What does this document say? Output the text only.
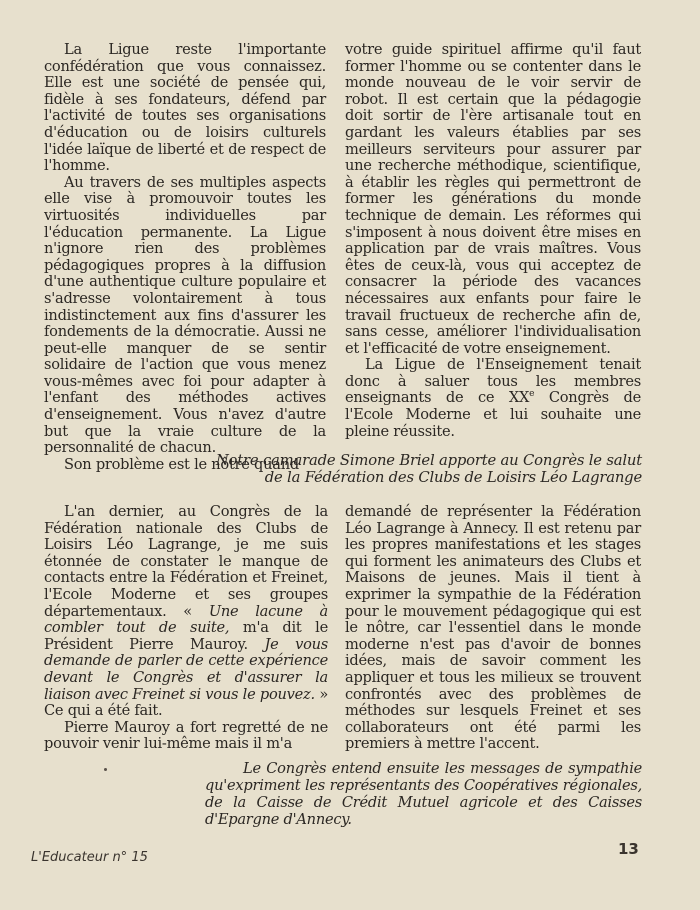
La Ligue reste l'importante confédération que vous connaissez. Elle est une société de pensée qui, fidèle à ses fondateurs, défend par l'activité de toutes ses organisations d'éducation ou de loisirs culturels l'idée laïque de liberté et de respect de l'homme.

Au travers de ses multiples aspects elle vise à promouvoir toutes les virtuosités individuelles par l'éducation permanente. La Ligue n'ignore rien des problèmes pédagogiques propres à la diffusion d'une authentique culture populaire et s'adresse volontairement à tous indistinctement aux fins d'assurer les fondements de la démocratie. Aussi ne peut-elle manquer de se sentir solidaire de l'action que vous menez vous-mêmes avec foi pour adapter à l'enfant des méthodes actives d'enseignement. Vous n'avez d'autre but que la vraie culture de la personnalité de chacun.

Son problème est le nôtre quand

votre guide spirituel affirme qu'il faut former l'homme ou se contenter dans le monde nouveau de le voir servir de robot. Il est certain que la pédagogie doit sortir de l'ère artisanale tout en gardant les valeurs établies par ses meilleurs serviteurs pour assurer par une recherche méthodique, scientifique, à établir les règles qui permettront de former les générations du monde technique de demain. Les réformes qui s'imposent à nous doivent être mises en application par de vrais maîtres. Vous êtes de ceux-là, vous qui acceptez de consacrer la période des vacances nécessaires aux enfants pour faire le travail fructueux de recherche afin de, sans cesse, améliorer l'individualisation et l'efficacité de votre enseignement.

La Ligue de l'Enseignement tenait donc à saluer tous les membres enseignants de ce XXe Congrès de l'Ecole Moderne et lui souhaite une pleine réussite.

Notre camarade Simone Briel apporte au Congrès le salut
de la Fédération des Clubs de Loisirs Léo Lagrange

L'an dernier, au Congrès de la Fédération nationale des Clubs de Loisirs Léo Lagrange, je me suis étonnée de constater le manque de contacts entre la Fédération et Freinet, l'Ecole Moderne et ses groupes départementaux. « Une lacune à combler tout de suite, m'a dit le Président Pierre Mauroy. Je vous demande de parler de cette expérience devant le Congrès et d'assurer la liaison avec Freinet si vous le pouvez. » Ce qui a été fait.

Pierre Mauroy a fort regretté de ne pouvoir venir lui-même mais il m'a

demandé de représenter la Fédération Léo Lagrange à Annecy. Il est retenu par les propres manifestations et les stages qui forment les animateurs des Clubs et Maisons de jeunes. Mais il tient à exprimer la sympathie de la Fédération pour le mouvement pédagogique qui est le nôtre, car l'essentiel dans le monde moderne n'est pas d'avoir de bonnes idées, mais de savoir comment les appliquer et tous les milieux se trouvent confrontés avec des problèmes de méthodes sur lesquels Freinet et ses collaborateurs ont été parmi les premiers à mettre l'accent.

Le Congrès entend ensuite les messages de sympathie qu'expriment les représentants des Coopératives régionales, de la Caisse de Crédit Mutuel agricole et des Caisses d'Epargne d'Annecy.
L'Educateur n° 15	13
